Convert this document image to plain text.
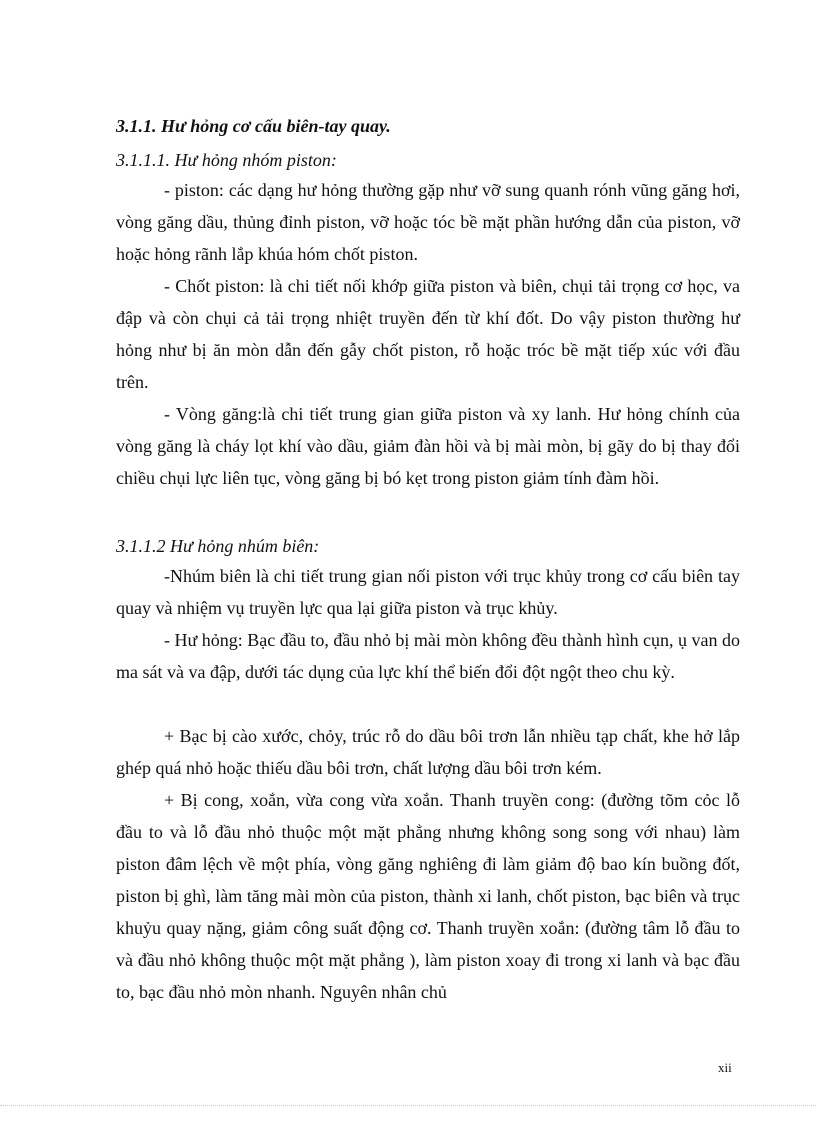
3.1.1. Hư hỏng cơ cấu biên-tay quay.
3.1.1.1. Hư hỏng nhóm piston:

- piston: các dạng hư hỏng thường gặp như vỡ sung quanh rónh vũng găng hơi, vòng găng dầu, thủng đỉnh piston, vỡ hoặc tóc bề mặt phần hướng dẫn của piston, vỡ hoặc hỏng rãnh lắp khúa hóm chốt piston.

- Chốt piston: là chi tiết nối khớp giữa piston và biên, chụi tải trọng cơ học, va đập và còn chụi cả tải trọng nhiệt truyền đến từ khí đốt. Do vậy piston thường hư hỏng như bị ăn mòn dẫn đến gẫy chốt piston, rỗ hoặc tróc bề mặt tiếp xúc với đầu trên.

- Vòng găng:là chi tiết trung gian giữa piston và xy lanh. Hư hỏng chính của vòng găng là cháy lọt khí vào dầu, giảm đàn hồi và bị mài mòn, bị gãy do bị thay đổi chiều chụi lực liên tục, vòng găng bị bó kẹt trong piston giảm tính đàm hồi.

3.1.1.2 Hư hỏng nhúm biên:

-Nhúm biên là chi tiết trung gian nối piston với trục khủy trong cơ cấu biên tay quay và nhiệm vụ truyền lực qua lại giữa piston và trục khủy.

- Hư hỏng: Bạc đầu to, đầu nhỏ bị mài mòn không đều thành hình cụn, ụ van do ma sát và va đập, dưới tác dụng của lực khí thể biến đổi đột ngột theo chu kỳ.

+ Bạc bị cào xước, chỏy, trúc rỗ do dầu bôi trơn lẫn nhiều tạp chất, khe hở lắp ghép quá nhỏ hoặc thiếu dầu bôi trơn, chất lượng dầu bôi trơn kém.

+ Bị cong, xoắn, vừa cong vừa xoắn. Thanh truyền cong: (đường tõm cỏc lỗ đầu to và lỗ đầu nhỏ thuộc một mặt phẳng nhưng không song song với nhau) làm piston đâm lệch về một phía, vòng găng nghiêng đi làm giảm độ bao kín buồng đốt, piston bị ghì, làm tăng mài mòn của piston, thành xi lanh, chốt piston, bạc biên và trục khuỷu quay nặng, giảm công suất động cơ. Thanh truyền xoắn: (đường tâm lỗ đầu to và đầu nhỏ không thuộc một mặt phẳng ), làm piston xoay đi trong xi lanh và bạc đầu to, bạc đầu nhỏ mòn nhanh. Nguyên nhân chủ

xii
